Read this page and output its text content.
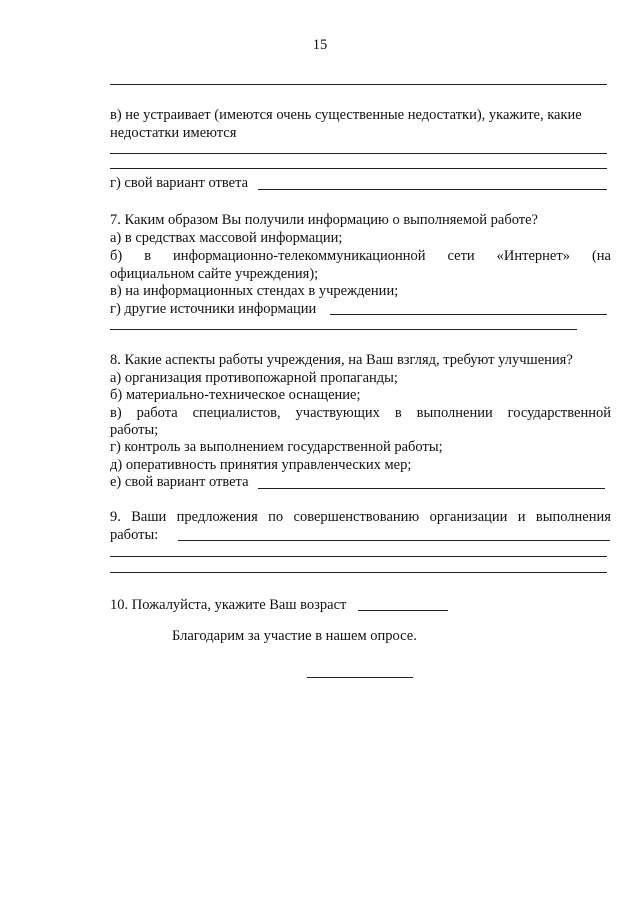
15
в) не устраивает (имеются очень существенные недостатки), укажите, какие
недостатки имеются
г) свой вариант ответа
7. Каким образом Вы получили информацию о выполняемой работе?
а) в средствах массовой информации;
б) в информационно-телекоммуникационной сети «Интернет» (на
официальном сайте учреждения);
в) на информационных стендах в учреждении;
г) другие источники информации
8. Какие аспекты работы учреждения, на Ваш взгляд, требуют улучшения?
а) организация противопожарной пропаганды;
б) материально-техническое оснащение;
в) работа специалистов, участвующих в выполнении государственной
работы;
г) контроль за выполнением государственной работы;
д) оперативность принятия управленческих мер;
е) свой вариант ответа
9. Ваши предложения по совершенствованию организации и выполнения
работы:
10. Пожалуйста, укажите Ваш возраст
Благодарим за участие в нашем опросе.
